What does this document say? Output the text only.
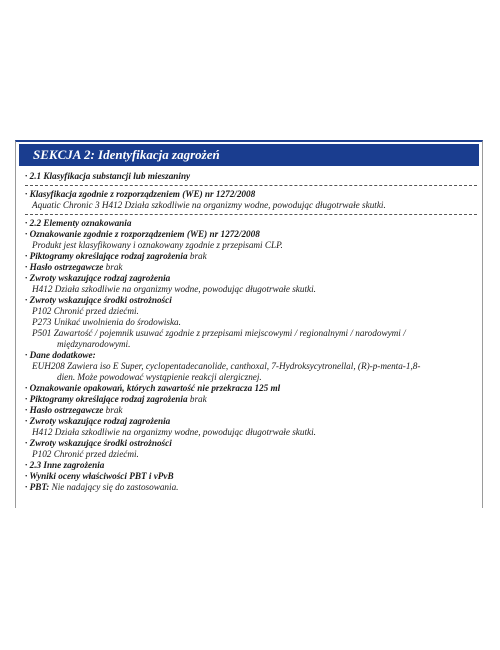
SEKCJA 2: Identyfikacja zagrożeń
· 2.1 Klasyfikacja substancji lub mieszaniny
· Klasyfikacja zgodnie z rozporządzeniem (WE) nr 1272/2008
Aquatic Chronic 3 H412 Działa szkodliwie na organizmy wodne, powodując długotrwałe skutki.
· 2.2 Elementy oznakowania
· Oznakowanie zgodnie z rozporządzeniem (WE) nr 1272/2008
Produkt jest klasyfikowany i oznakowany zgodnie z przepisami CLP.
· Piktogramy określające rodzaj zagrożenia brak
· Hasło ostrzegawcze brak
· Zwroty wskazujące rodzaj zagrożenia
H412 Działa szkodliwie na organizmy wodne, powodując długotrwałe skutki.
· Zwroty wskazujące środki ostrożności
P102 Chronić przed dziećmi.
P273 Unikać uwolnienia do środowiska.
P501 Zawartość / pojemnik usuwać zgodnie z przepisami miejscowymi / regionalnymi / narodowymi /
międzynarodowymi.
· Dane dodatkowe:
EUH208 Zawiera iso E Super, cyclopentadecanolide, canthoxal, 7-Hydroksycytronellal, (R)-p-menta-1,8-
dien. Może powodować wystąpienie reakcji alergicznej.
· Oznakowanie opakowań, których zawartość nie przekracza 125 ml
· Piktogramy określające rodzaj zagrożenia brak
· Hasło ostrzegawcze brak
· Zwroty wskazujące rodzaj zagrożenia
H412 Działa szkodliwie na organizmy wodne, powodując długotrwałe skutki.
· Zwroty wskazujące środki ostrożności
P102 Chronić przed dziećmi.
· 2.3 Inne zagrożenia
· Wyniki oceny właściwości PBT i vPvB
· PBT: Nie nadający się do zastosowania.
